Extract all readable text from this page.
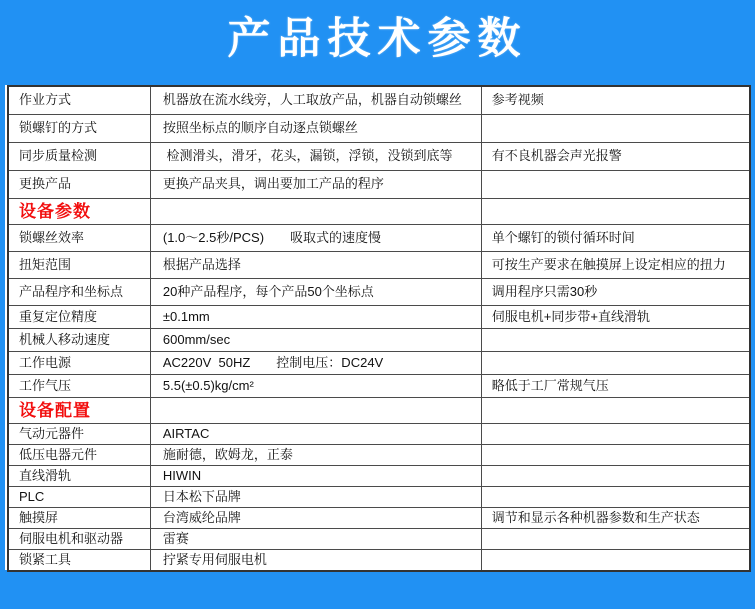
产品技术参数
作业方式	机器放在流水线旁，人工取放产品，机器自动锁螺丝	参考视频
锁螺钉的方式	按照坐标点的顺序自动逐点锁螺丝	
同步质量检测	检测滑头，滑牙，花头，漏锁，浮锁，没锁到底等	有不良机器会声光报警
更换产品	更换产品夹具，调出要加工产品的程序	
设备参数		
锁螺丝效率	(1.0～2.5秒/PCS)　　吸取式的速度慢	单个螺钉的锁付循环时间
扭矩范围	根据产品选择	可按生产要求在触摸屏上设定相应的扭力
产品程序和坐标点	20种产品程序，每个产品50个坐标点	调用程序只需30秒
重复定位精度	±0.1mm	伺服电机+同步带+直线滑轨
机械人移动速度	600mm/sec	
工作电源	AC220V  50HZ　　控制电压：DC24V	
工作气压	5.5(±0.5)kg/cm²	略低于工厂常规气压
设备配置		
气动元器件	AIRTAC	
低压电器元件	施耐德，欧姆龙，正泰	
直线滑轨	HIWIN	
PLC	日本松下品牌	
触摸屏	台湾威纶品牌	调节和显示各种机器参数和生产状态
伺服电机和驱动器	雷赛	
锁紧工具	拧紧专用伺服电机	
